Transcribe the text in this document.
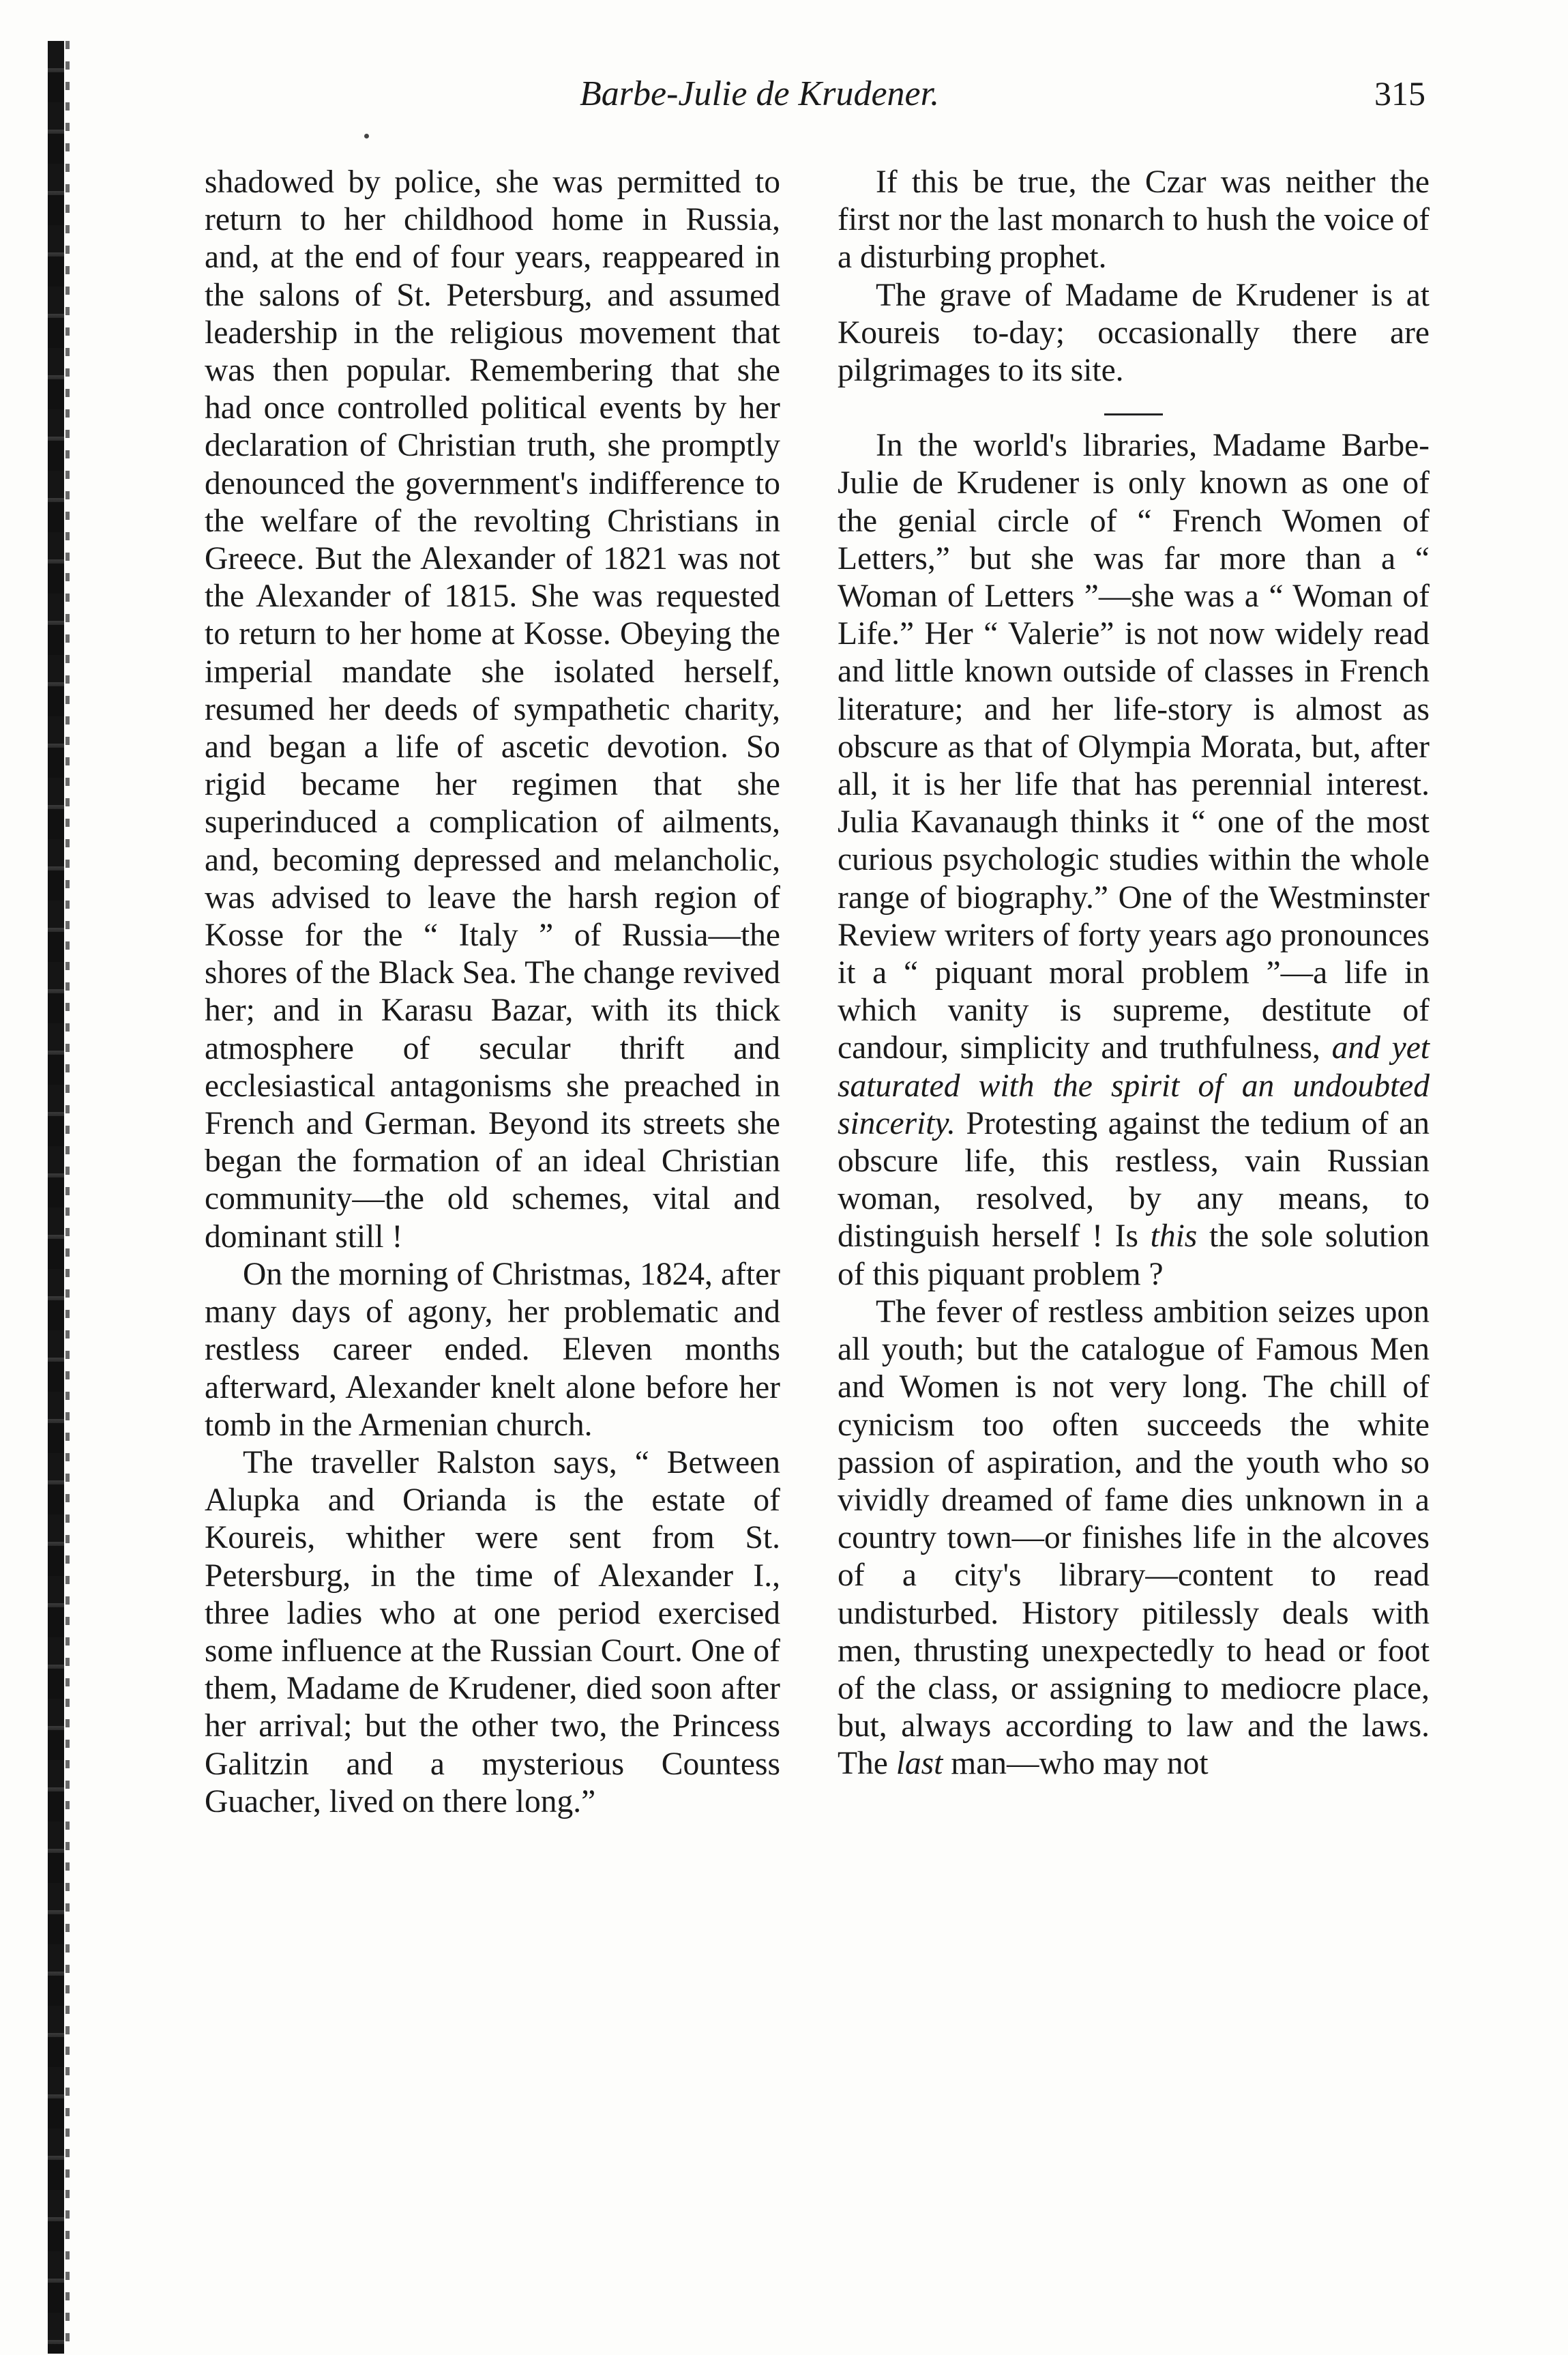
Barbe-Julie de Krudener.	315

shadowed by police, she was permitted to return to her childhood home in Russia, and, at the end of four years, reappeared in the salons of St. Petersburg, and assumed leadership in the religious movement that was then popular. Remembering that she had once controlled political events by her declaration of Christian truth, she promptly denounced the government's indifference to the welfare of the revolting Christians in Greece. But the Alexander of 1821 was not the Alexander of 1815. She was requested to return to her home at Kosse. Obeying the imperial mandate she isolated herself, resumed her deeds of sympathetic charity, and began a life of ascetic devotion. So rigid became her regimen that she superinduced a complication of ailments, and, becoming depressed and melancholic, was advised to leave the harsh region of Kosse for the “ Italy ” of Russia—the shores of the Black Sea. The change revived her; and in Karasu Bazar, with its thick atmosphere of secular thrift and ecclesiastical antagonisms she preached in French and German. Beyond its streets she began the formation of an ideal Christian community—the old schemes, vital and dominant still !

On the morning of Christmas, 1824, after many days of agony, her problematic and restless career ended. Eleven months afterward, Alexander knelt alone before her tomb in the Armenian church.

The traveller Ralston says, “ Between Alupka and Orianda is the estate of Koureis, whither were sent from St. Petersburg, in the time of Alexander I., three ladies who at one period exercised some influence at the Russian Court. One of them, Madame de Krudener, died soon after her arrival; but the other two, the Princess Galitzin and a mysterious Countess Guacher, lived on there long.”

If this be true, the Czar was neither the first nor the last monarch to hush the voice of a disturbing prophet.

The grave of Madame de Krudener is at Koureis to-day; occasionally there are pilgrimages to its site.

In the world's libraries, Madame Barbe-Julie de Krudener is only known as one of the genial circle of “ French Women of Letters,” but she was far more than a “ Woman of Letters ”—she was a “ Woman of Life.” Her “ Valerie” is not now widely read and little known outside of classes in French literature; and her life-story is almost as obscure as that of Olympia Morata, but, after all, it is her life that has perennial interest. Julia Kavanaugh thinks it “ one of the most curious psychologic studies within the whole range of biography.” One of the Westminster Review writers of forty years ago pronounces it a “ piquant moral problem ”—a life in which vanity is supreme, destitute of candour, simplicity and truthfulness, and yet saturated with the spirit of an undoubted sincerity. Protesting against the tedium of an obscure life, this restless, vain Russian woman, resolved, by any means, to distinguish herself ! Is this the sole solution of this piquant problem ?

The fever of restless ambition seizes upon all youth; but the catalogue of Famous Men and Women is not very long. The chill of cynicism too often succeeds the white passion of aspiration, and the youth who so vividly dreamed of fame dies unknown in a country town—or finishes life in the alcoves of a city's library—content to read undisturbed. History pitilessly deals with men, thrusting unexpectedly to head or foot of the class, or assigning to mediocre place, but, always according to law and the laws. The last man—who may not
